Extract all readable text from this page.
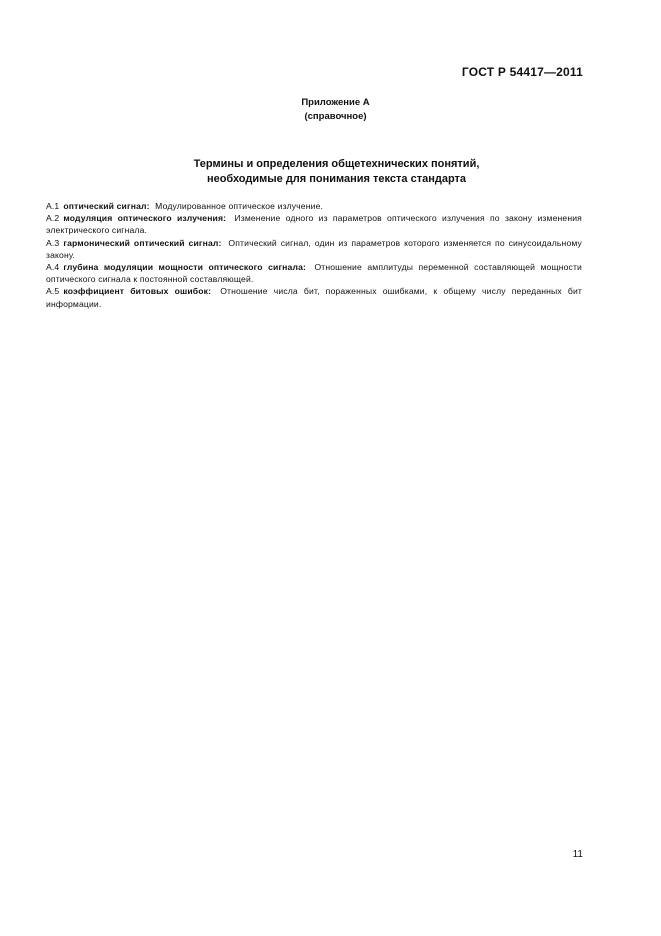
ГОСТ Р 54417—2011
Приложение А
(справочное)
Термины и определения общетехнических понятий,
необходимые для понимания текста стандарта

А.1 оптический сигнал: Модулированное оптическое излучение.

А.2 модуляция оптического излучения: Изменение одного из параметров оптического излучения по закону изменения электрического сигнала.

А.3 гармонический оптический сигнал: Оптический сигнал, один из параметров которого изменяется по синусоидальному закону.

А.4 глубина модуляции мощности оптического сигнала: Отношение амплитуды переменной составляющей мощности оптического сигнала к постоянной составляющей.

А.5 коэффициент битовых ошибок: Отношение числа бит, пораженных ошибками, к общему числу переданных бит информации.

11
